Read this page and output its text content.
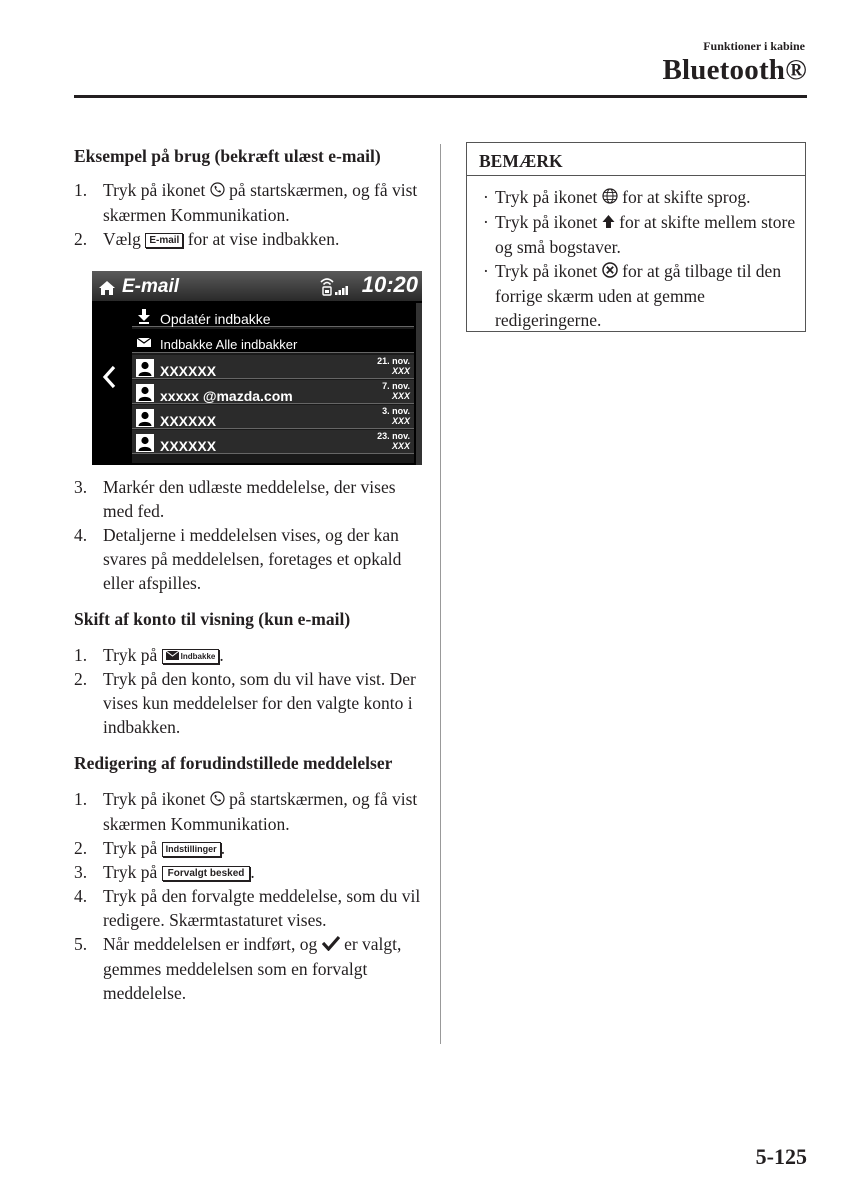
Funktioner i kabine
Bluetooth®
Eksempel på brug (bekræft ulæst e-mail)
1. Tryk på ikonet på startskærmen, og få vist skærmen Kommunikation.
2. Vælg E-mail for at vise indbakken.
E-mail	10:20
Opdatér indbakke
Indbakke Alle indbakker
XXXXXX
21. nov.
XXX
xxxxx @mazda.com
7. nov.
XXX
XXXXXX
3. nov.
XXX
XXXXXX
23. nov.
XXX
3. Markér den udlæste meddelelse, der vises med fed.
4. Detaljerne i meddelelsen vises, og der kan svares på meddelelsen, foretages et opkald eller afspilles.
Skift af konto til visning (kun e-mail)
1. Tryk på	Indbakke .
2. Tryk på den konto, som du vil have vist. Der vises kun meddelelser for den valgte konto i indbakken.
Redigering af forudindstillede meddelelser
1. Tryk på ikonet på startskærmen, og få vist skærmen Kommunikation.
2. Tryk på Indstillinger .
3. Tryk på Forvalgt besked .
4. Tryk på den forvalgte meddelelse, som du vil redigere. Skærmtastaturet vises.
5. Når meddelelsen er indført, og er valgt, gemmes meddelelsen som en forvalgt meddelelse.
BEMÆRK
· Tryk på ikonet for at skifte sprog.
· Tryk på ikonet for at skifte mellem store og små bogstaver.
· Tryk på ikonet for at gå tilbage til den forrige skærm uden at gemme redigeringerne.
5-125
